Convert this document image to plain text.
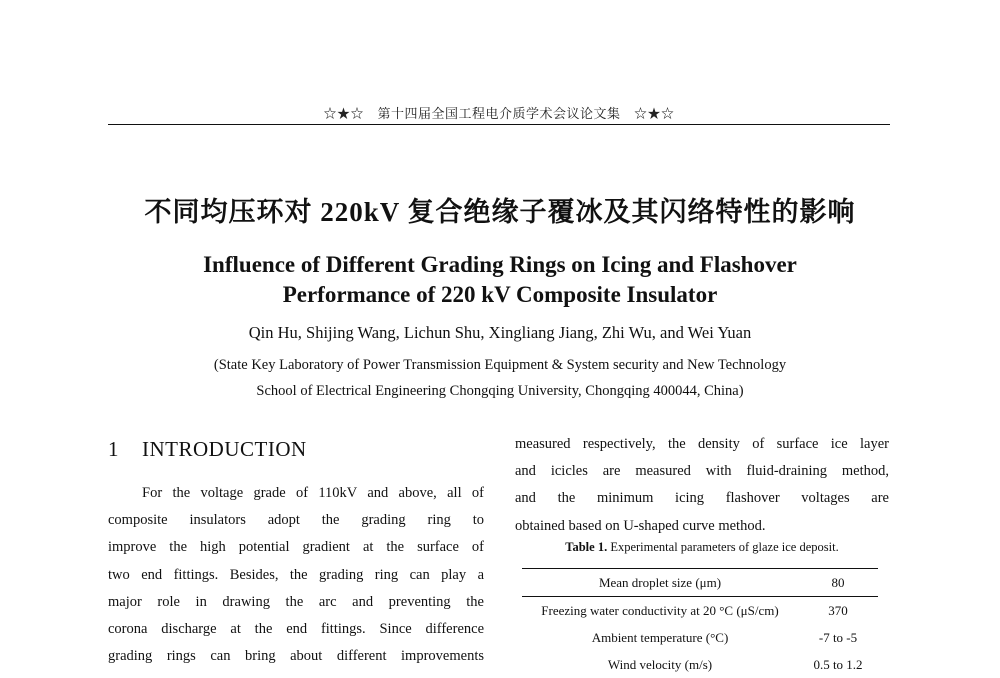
☆★☆　第十四届全国工程电介质学术会议论文集　☆★☆
不同均压环对 220kV 复合绝缘子覆冰及其闪络特性的影响
Influence of Different Grading Rings on Icing and Flashover
Performance of 220 kV Composite Insulator
Qin Hu, Shijing Wang, Lichun Shu, Xingliang Jiang, Zhi Wu, and Wei Yuan
(State Key Laboratory of Power Transmission Equipment & System security and New Technology
School of Electrical Engineering Chongqing University, Chongqing 400044, China)
1 INTRODUCTION
For the voltage grade of 110kV and above, all of
composite insulators adopt the grading ring to
improve the high potential gradient at the surface of
two end fittings. Besides, the grading ring can play a
major role in drawing the arc and preventing the
corona discharge at the end fittings. Since difference
grading rings can bring about different improvements
measured respectively, the density of surface ice layer
and icicles are measured with fluid-draining method,
and the minimum icing flashover voltages are
obtained based on U-shaped curve method.
Table 1. Experimental parameters of glaze ice deposit.
Mean droplet size (μm)	80
Freezing water conductivity at 20 °C (μS/cm)	370
Ambient temperature (°C)	-7 to -5
Wind velocity (m/s)	0.5 to 1.2
